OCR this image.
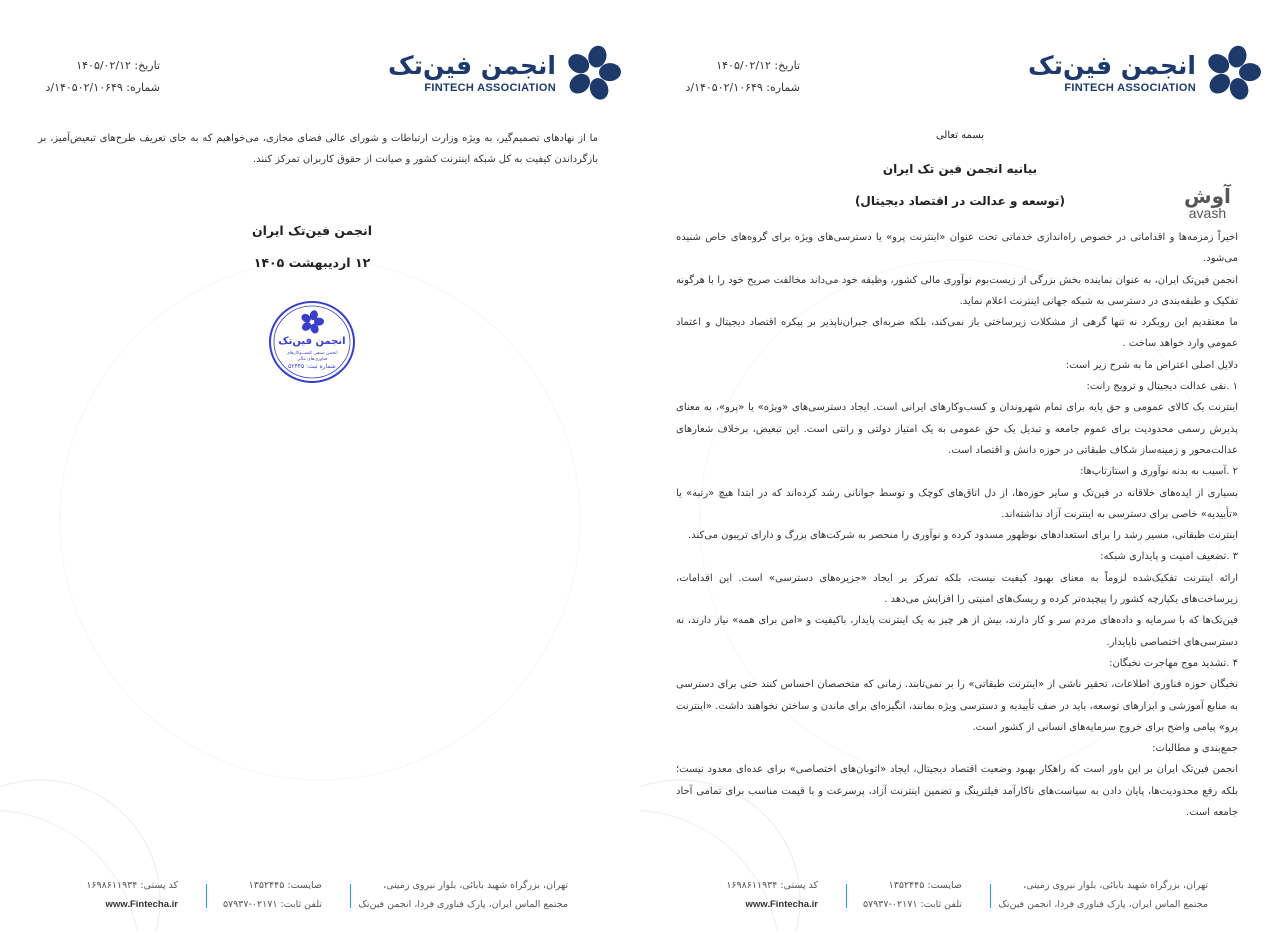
تاریخ: ۱۴۰۵/۰۲/۱۲
شماره: ۱۴۰۵۰۲/۱۰۶۴۹/د
انجمن فین‌تک
FINTECH ASSOCIATION

ما از نهادهای تصمیم‌گیر، به ویژه وزارت ارتباطات و شورای عالی فضای مجازی، می‌خواهیم که به جای تعریف طرح‌های تبعیض‌آمیز، بر بازگرداندن کیفیت به کل شبکه اینترنت کشور و صیانت از حقوق کاربران تمرکز کنند.

انجمن فین‌تک ایران
۱۲ اردیبهشت ۱۴۰۵
انجمن فین‌تک
انجمن صنفی کسب‌وکارهای فناوری‌های مالی
شماره ثبت: ۵۲۴۴۵
تهران، بزرگراه شهید بابائی، بلوار نیروی زمینی،
مجتمع الماس ایران، پارک فناوری فردا، انجمن فین‌تک
صایست: ۱۳۵۲۴۴۵
تلفن ثابت: ۰۲۱۷۱-۵۷۹۳۷
کد پستی: ۱۶۹۸۶۱۱۹۳۴
www.Fintecha.ir
تاریخ: ۱۴۰۵/۰۲/۱۲
شماره: ۱۴۰۵۰۲/۱۰۶۴۹/د
انجمن فین‌تک
FINTECH ASSOCIATION
بسمه تعالی
بیانیه انجمن فین تک ایران
(توسعه و عدالت در اقتصاد دیجیتال)	آوش
avash

اخیراً زمزمه‌ها و اقداماتی در خصوص راه‌اندازی خدماتی تحت عنوان «اینترنت پرو» یا دسترسی‌های ویژه برای گروه‌های خاص شنیده می‌شود.

انجمن فین‌تک ایران، به عنوان نماینده بخش بزرگی از زیست‌بوم نوآوری مالی کشور، وظیفه خود می‌داند مخالفت صریح خود را با هرگونه تفکیک و طبقه‌بندی در دسترسی به شبکه جهانی اینترنت اعلام نماید.

ما معتقدیم این رویکرد نه تنها گرهی از مشکلات زیرساختی باز نمی‌کند، بلکه ضربه‌ای جبران‌ناپذیر بر پیکره اقتصاد دیجیتال و اعتماد عمومی وارد خواهد ساخت .

دلایل اصلی اعتراض ما به شرح زیر است:

۱ .نفی عدالت دیجیتال و ترویج رانت:

اینترنت یک کالای عمومی و حق پایه برای تمام شهروندان و کسب‌وکارهای ایرانی است. ایجاد دسترسی‌های «ویژه» یا «پرو»، به معنای پذیرش رسمی محدودیت برای عموم جامعه و تبدیل یک حق عمومی به یک امتیاز دولتی و رانتی است. این تبعیض، برخلاف شعارهای عدالت‌محور و زمینه‌ساز شکاف طبقاتی در حوزه دانش و اقتصاد است.

۲ .آسیب به بدنه نوآوری و استارتاپ‌ها:

بسیاری از ایده‌های خلاقانه در فین‌تک و سایر حوزه‌ها، از دل اتاق‌های کوچک و توسط جوانانی رشد کرده‌اند که در ابتدا هیچ «رتبه» یا «تأییدیه» خاصی برای دسترسی به اینترنت آزاد نداشته‌اند.

اینترنت طبقاتی، مسیر رشد را برای استعدادهای نوظهور مسدود کرده و نوآوری را منحصر به شرکت‌های بزرگ و دارای تریبون می‌کند.

۳ .تضعیف امنیت و پایداری شبکه:

ارائه اینترنت تفکیک‌شده لزوماً به معنای بهبود کیفیت نیست، بلکه تمرکز بر ایجاد «جزیره‌های دسترسی» است. این اقدامات، زیرساخت‌های یکپارچه کشور را پیچیده‌تر کرده و ریسک‌های امنیتی را افزایش می‌دهد .

فین‌تک‌ها که با سرمایه و داده‌های مردم سر و کار دارند، بیش از هر چیز به یک اینترنت پایدار، باکیفیت و «امن برای همه» نیاز دارند، نه دسترسی‌های اختصاصی ناپایدار.

۴ .تشدید موج مهاجرت نخبگان:

نخبگان حوزه فناوری اطلاعات، تحقیر ناشی از «اینترنت طبقاتی» را بر نمی‌تابند. زمانی که متخصصان احساس کنند حتی برای دسترسی به منابع آموزشی و ابزارهای توسعه، باید در صف تأییدیه و دسترسی ویژه بمانند، انگیزه‌ای برای ماندن و ساختن نخواهند داشت. «اینترنت پرو» پیامی واضح برای خروج سرمایه‌های انسانی از کشور است.

جمع‌بندی و مطالبات:

انجمن فین‌تک ایران بر این باور است که راهکار بهبود وضعیت اقتصاد دیجیتال، ایجاد «اتوبان‌های اختصاصی» برای عده‌ای معدود نیست؛ بلکه رفع محدودیت‌ها، پایان دادن به سیاست‌های ناکارآمد فیلترینگ و تضمین اینترنت آزاد، پرسرعت و با قیمت مناسب برای تمامی آحاد جامعه است.

تهران، بزرگراه شهید بابائی، بلوار نیروی زمینی،
مجتمع الماس ایران، پارک فناوری فردا، انجمن فین‌تک
صایست: ۱۳۵۲۴۴۵
تلفن ثابت: ۰۲۱۷۱-۵۷۹۳۷
کد پستی: ۱۶۹۸۶۱۱۹۳۴
www.Fintecha.ir
